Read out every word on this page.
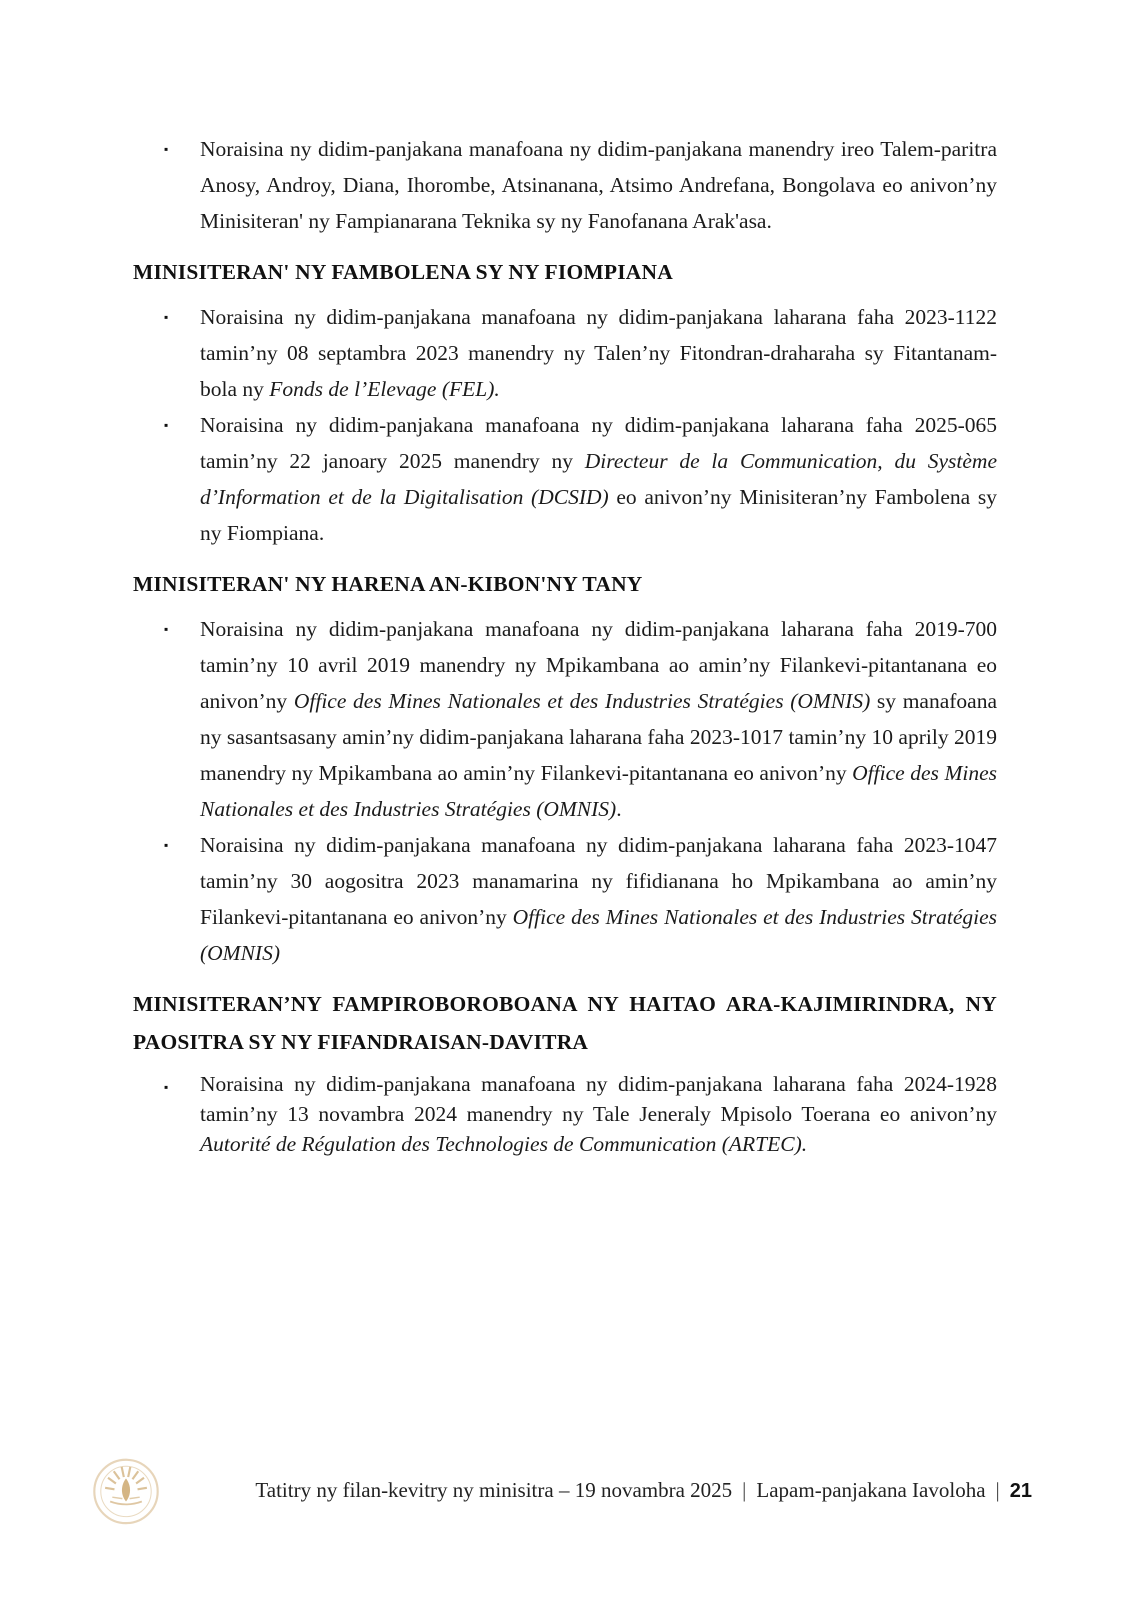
▪ Noraisina ny didim-panjakana manafoana ny didim-panjakana manendry ireo Talem-paritra Anosy, Androy, Diana, Ihorombe, Atsinanana, Atsimo Andrefana, Bongolava eo anivon’ny Minisiteran' ny Fampianarana Teknika sy ny Fanofanana Arak'asa.
MINISITERAN' NY FAMBOLENA SY NY FIOMPIANA
▪ Noraisina ny didim-panjakana manafoana ny didim-panjakana laharana faha 2023-1122 tamin’ny 08 septambra 2023 manendry ny Talen’ny Fitondran-draharaha sy Fitantanam-bola ny Fonds de l’Elevage (FEL).
▪ Noraisina ny didim-panjakana manafoana ny didim-panjakana laharana faha 2025-065 tamin’ny 22 janoary 2025 manendry ny Directeur de la Communication, du Système d’Information et de la Digitalisation (DCSID) eo anivon’ny Minisiteran’ny Fambolena sy ny Fiompiana.
MINISITERAN' NY HARENA AN-KIBON'NY TANY
▪ Noraisina ny didim-panjakana manafoana ny didim-panjakana laharana faha 2019-700 tamin’ny 10 avril 2019 manendry ny Mpikambana ao amin’ny Filankevi-pitantanana eo anivon’ny Office des Mines Nationales et des Industries Stratégies (OMNIS) sy manafoana ny sasantsasany amin’ny didim-panjakana laharana faha 2023-1017 tamin’ny 10 aprily 2019 manendry ny Mpikambana ao amin’ny Filankevi-pitantanana eo anivon’ny Office des Mines Nationales et des Industries Stratégies (OMNIS).
▪ Noraisina ny didim-panjakana manafoana ny didim-panjakana laharana faha 2023-1047 tamin’ny 30 aogositra 2023 manamarina ny fifidianana ho Mpikambana ao amin’ny Filankevi-pitantanana eo anivon’ny Office des Mines Nationales et des Industries Stratégies (OMNIS)
MINISITERAN’NY FAMPIROBOROBOANA NY HAITAO ARA-KAJIMIRINDRA, NY PAOSITRA SY NY FIFANDRAISAN-DAVITRA
▪ Noraisina ny didim-panjakana manafoana ny didim-panjakana laharana faha 2024-1928 tamin’ny 13 novambra 2024 manendry ny Tale Jeneraly Mpisolo Toerana eo anivon’ny Autorité de Régulation des Technologies de Communication (ARTEC).
Tatitry ny filan-kevitry ny minisitra – 19 novambra 2025 | Lapam-panjakana Iavoloha | 21
